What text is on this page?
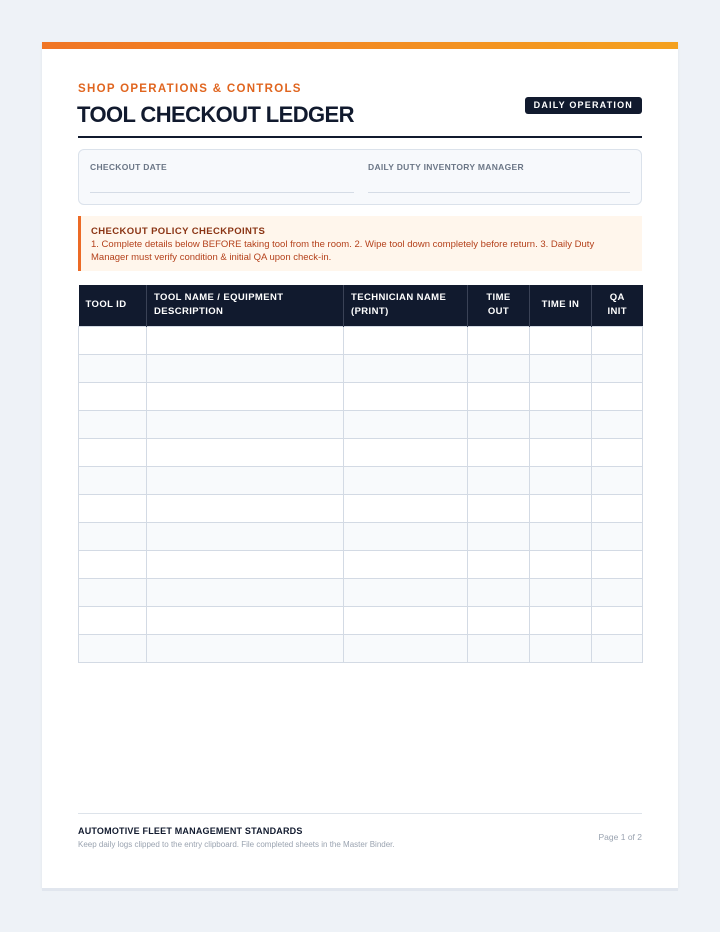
SHOP OPERATIONS & CONTROLS
TOOL CHECKOUT LEDGER	DAILY OPERATION
CHECKOUT DATE	DAILY DUTY INVENTORY MANAGER
CHECKOUT POLICY CHECKPOINTS
1. Complete details below BEFORE taking tool from the room. 2. Wipe tool down completely before return. 3. Daily Duty Manager must verify condition & initial QA upon check-in.
TOOL ID	TOOL NAME / EQUIPMENT DESCRIPTION	TECHNICIAN NAME (PRINT)	TIME OUT	TIME IN	QA INIT

AUTOMOTIVE FLEET MANAGEMENT STANDARDS
Keep daily logs clipped to the entry clipboard. File completed sheets in the Master Binder.
Page 1 of 2
